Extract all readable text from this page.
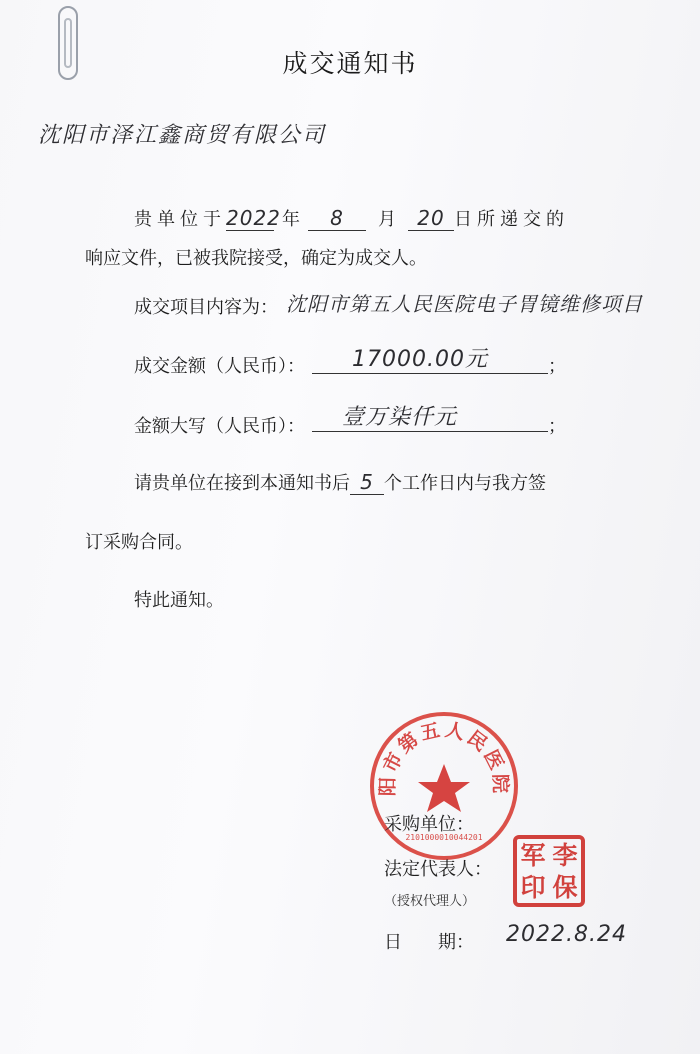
成交通知书
沈阳市泽江鑫商贸有限公司
贵单位于2022年 8 月 20 日所递交的
响应文件，已被我院接受，确定为成交人。
成交项目内容为： 沈阳市第五人民医院电子胃镜维修项目
成交金额（人民币）：	17000.00元	；
金额大写（人民币）：	壹万柒仟元	；
请贵单位在接到本通知书后 5 个工作日内与我方签
订采购合同。
特此通知。
阳市第五人民医院
2101000010044201
采购单位：
法定代表人：
（授权代理人）
军 李
印 保
日　　期： 2022.8.24
